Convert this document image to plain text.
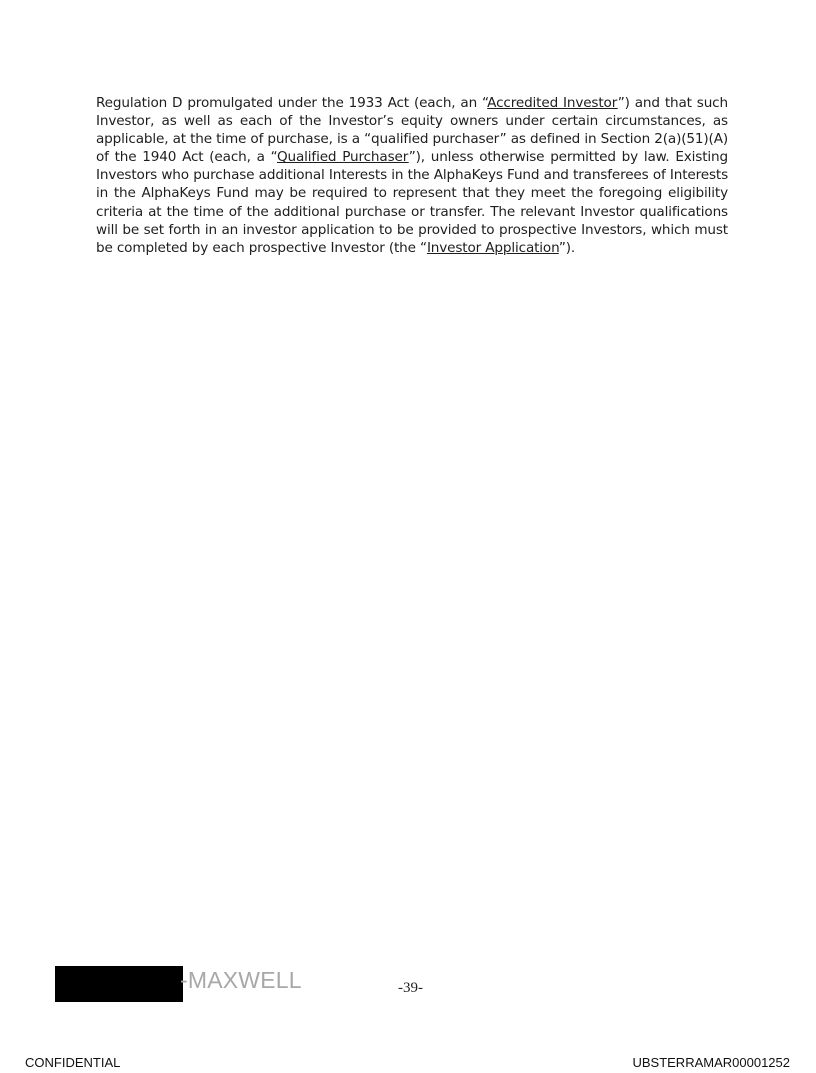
Regulation D promulgated under the 1933 Act (each, an “Accredited Investor”) and that such Investor, as well as each of the Investor’s equity owners under certain circumstances, as applicable, at the time of purchase, is a “qualified purchaser” as defined in Section 2(a)(51)(A) of the 1940 Act (each, a “Qualified Purchaser”), unless otherwise permitted by law. Existing Investors who purchase additional Interests in the AlphaKeys Fund and transferees of Interests in the AlphaKeys Fund may be required to represent that they meet the foregoing eligibility criteria at the time of the additional purchase or transfer. The relevant Investor qualifications will be set forth in an investor application to be provided to prospective Investors, which must be completed by each prospective Investor (the “Investor Application”).

-MAXWELL	-39-
CONFIDENTIAL	UBSTERRAMAR00001252
